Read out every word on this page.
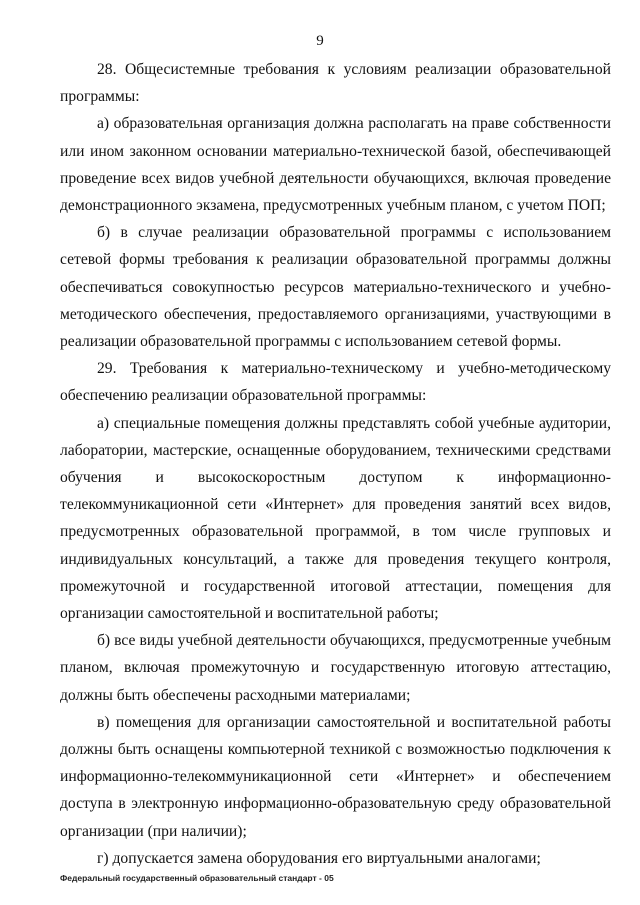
9

28. Общесистемные требования к условиям реализации образовательной программы:

а) образовательная организация должна располагать на праве собственности или ином законном основании материально-технической базой, обеспечивающей проведение всех видов учебной деятельности обучающихся, включая проведение демонстрационного экзамена, предусмотренных учебным планом, с учетом ПОП;

б) в случае реализации образовательной программы с использованием сетевой формы требования к реализации образовательной программы должны обеспечиваться совокупностью ресурсов материально-технического и учебно-методического обеспечения, предоставляемого организациями, участвующими в реализации образовательной программы с использованием сетевой формы.

29. Требования к материально-техническому и учебно-методическому обеспечению реализации образовательной программы:

а) специальные помещения должны представлять собой учебные аудитории, лаборатории, мастерские, оснащенные оборудованием, техническими средствами обучения и высокоскоростным доступом к информационно-телекоммуникационной сети «Интернет» для проведения занятий всех видов, предусмотренных образовательной программой, в том числе групповых и индивидуальных консультаций, а также для проведения текущего контроля, промежуточной и государственной итоговой аттестации, помещения для организации самостоятельной и воспитательной работы;

б) все виды учебной деятельности обучающихся, предусмотренные учебным планом, включая промежуточную и государственную итоговую аттестацию, должны быть обеспечены расходными материалами;

в) помещения для организации самостоятельной и воспитательной работы должны быть оснащены компьютерной техникой с возможностью подключения к информационно-телекоммуникационной сети «Интернет» и обеспечением доступа в электронную информационно-образовательную среду образовательной организации (при наличии);

г) допускается замена оборудования его виртуальными аналогами;

Федеральный государственный образовательный стандарт - 05
